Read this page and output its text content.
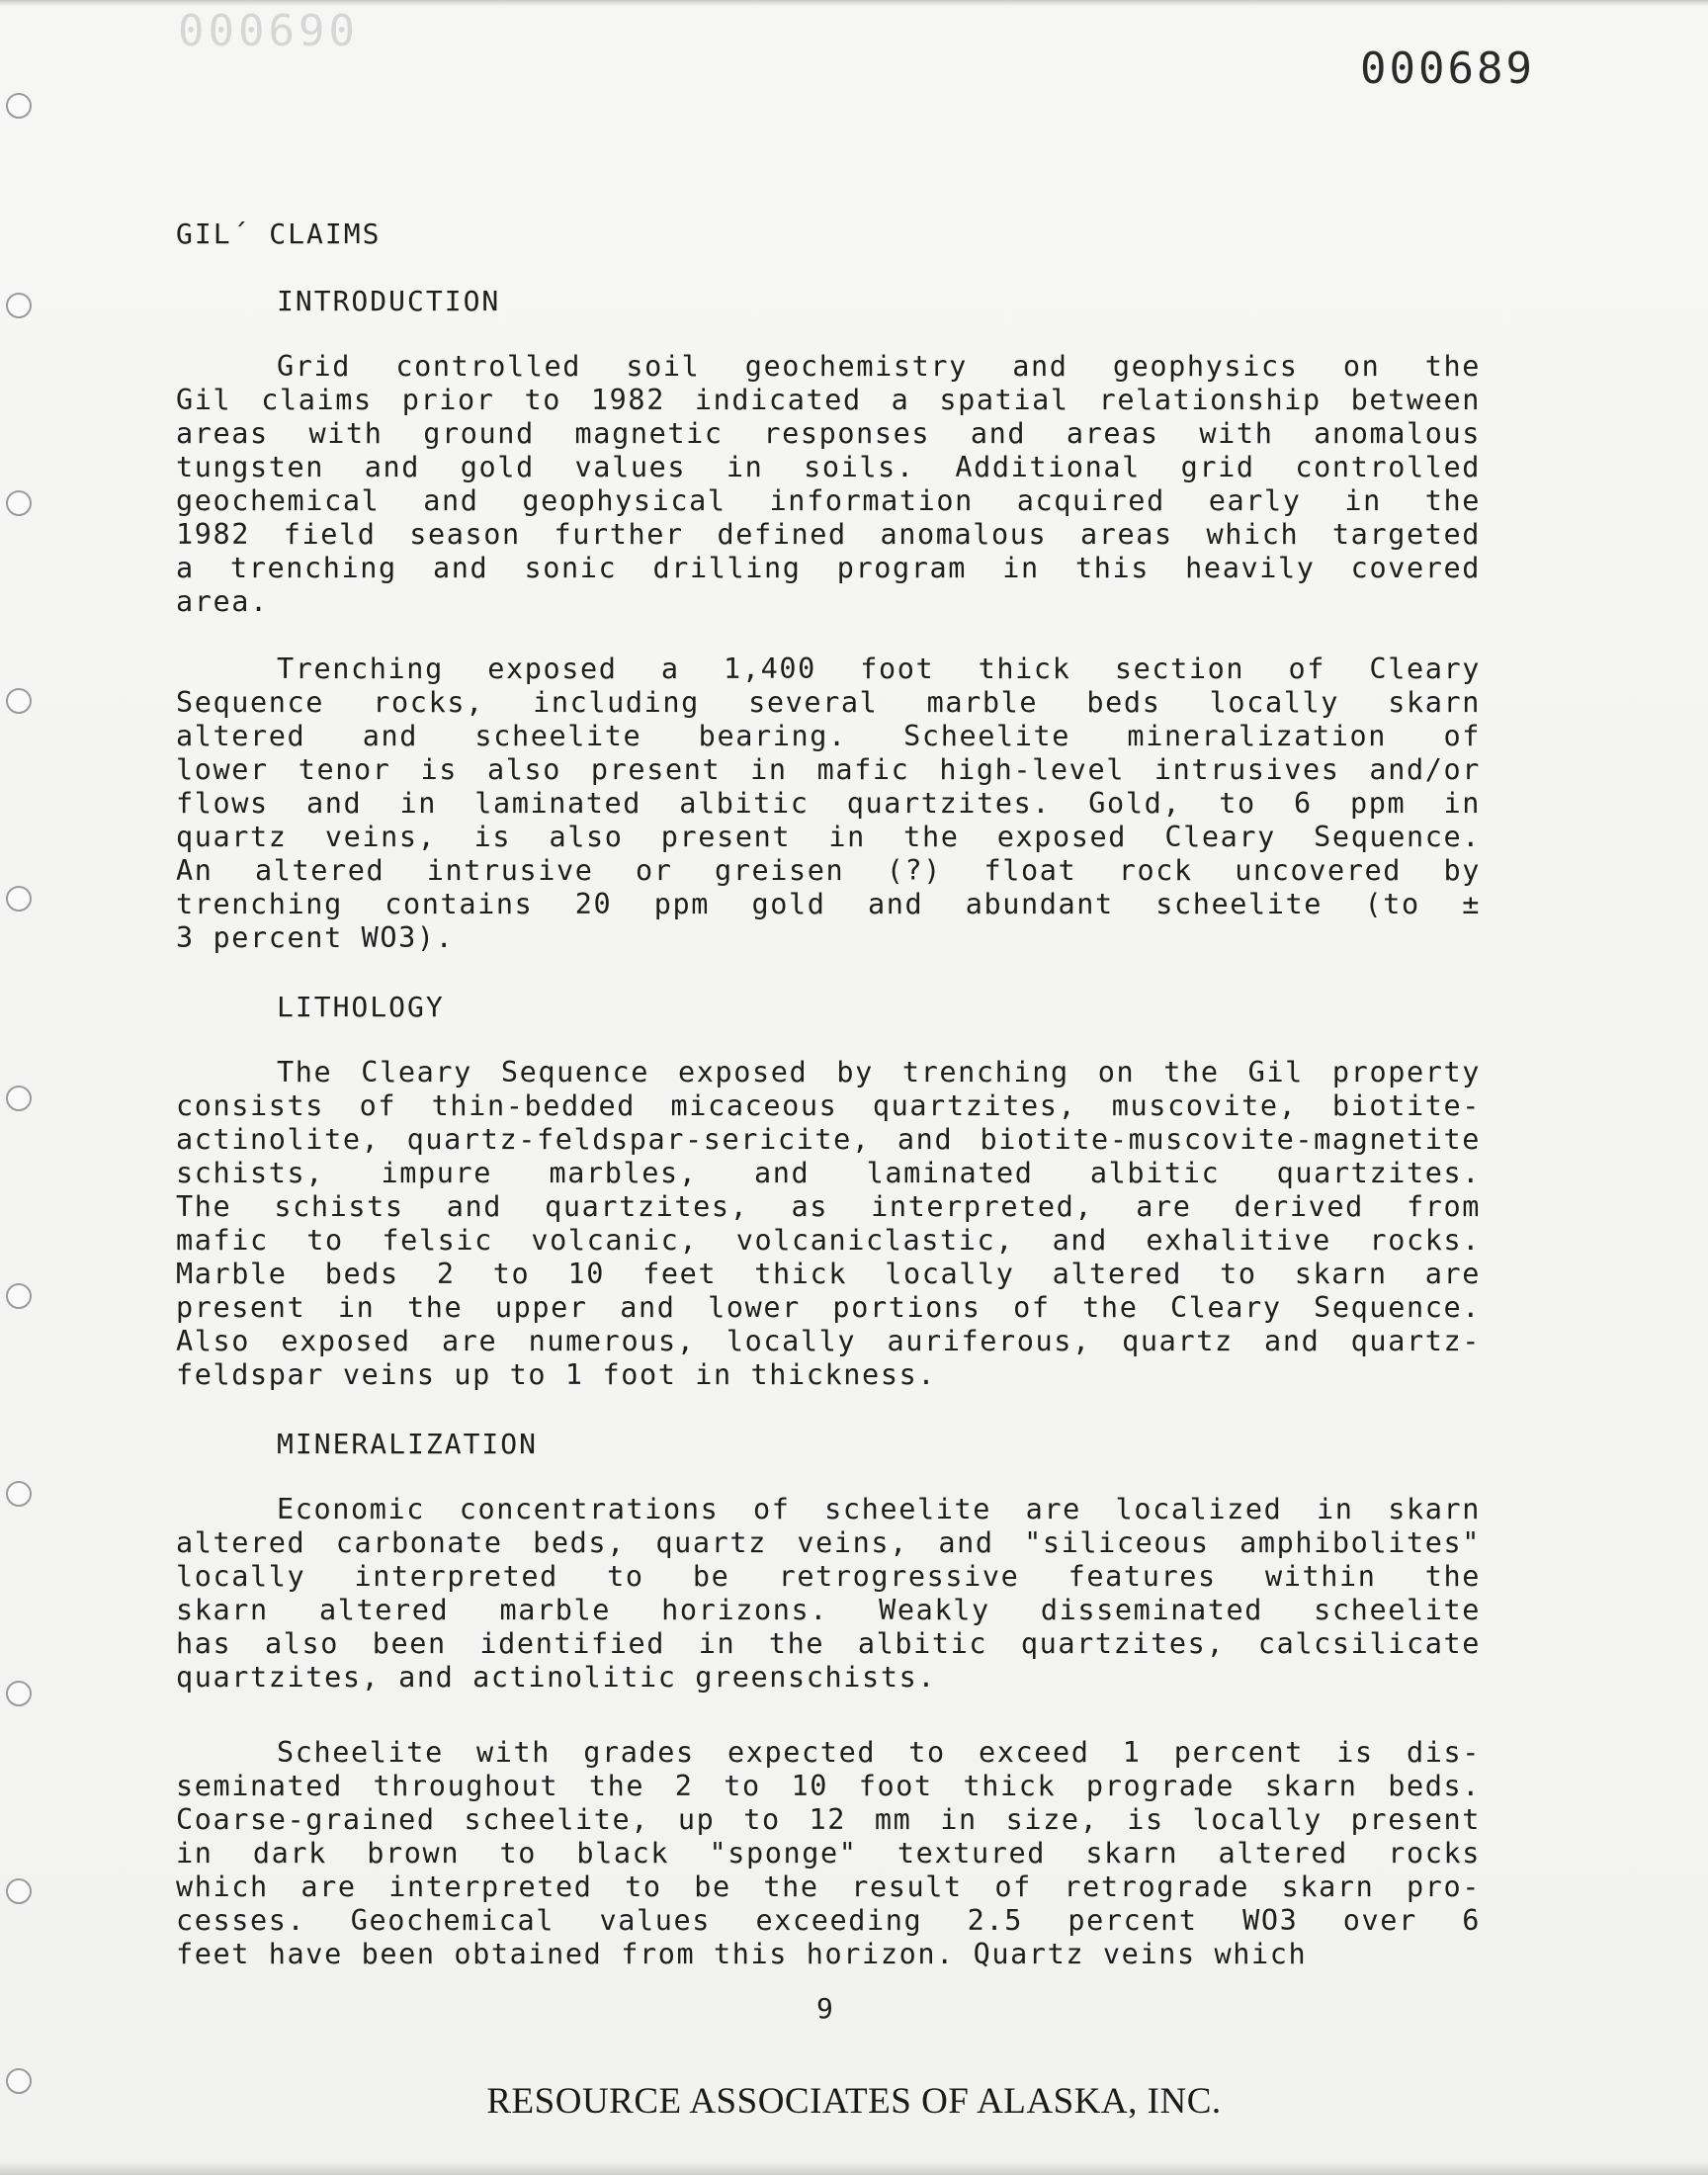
000690
000689
GIL´ CLAIMS
INTRODUCTION
Grid controlled soil geochemistry and geophysics on the
Gil claims prior to 1982 indicated a spatial relationship between
areas with ground magnetic responses and areas with anomalous
tungsten and gold values in soils. Additional grid controlled
geochemical and geophysical information acquired early in the
1982 field season further defined anomalous areas which targeted
a trenching and sonic drilling program in this heavily covered
area.
Trenching exposed a 1,400 foot thick section of Cleary
Sequence rocks, including several marble beds locally skarn
altered and scheelite bearing. Scheelite mineralization of
lower tenor is also present in mafic high-level intrusives and/or
flows and in laminated albitic quartzites. Gold, to 6 ppm in
quartz veins, is also present in the exposed Cleary Sequence.
An altered intrusive or greisen (?) float rock uncovered by
trenching contains 20 ppm gold and abundant scheelite (to ±
3 percent WO3).
LITHOLOGY
The Cleary Sequence exposed by trenching on the Gil property
consists of thin-bedded micaceous quartzites, muscovite, biotite-
actinolite, quartz-feldspar-sericite, and biotite-muscovite-magnetite
schists, impure marbles, and laminated albitic quartzites.
The schists and quartzites, as interpreted, are derived from
mafic to felsic volcanic, volcaniclastic, and exhalitive rocks.
Marble beds 2 to 10 feet thick locally altered to skarn are
present in the upper and lower portions of the Cleary Sequence.
Also exposed are numerous, locally auriferous, quartz and quartz-
feldspar veins up to 1 foot in thickness.
MINERALIZATION
Economic concentrations of scheelite are localized in skarn
altered carbonate beds, quartz veins, and "siliceous amphibolites"
locally interpreted to be retrogressive features within the
skarn altered marble horizons. Weakly disseminated scheelite
has also been identified in the albitic quartzites, calcsilicate
quartzites, and actinolitic greenschists.
Scheelite with grades expected to exceed 1 percent is dis-
seminated throughout the 2 to 10 foot thick prograde skarn beds.
Coarse-grained scheelite, up to 12 mm in size, is locally present
in dark brown to black "sponge" textured skarn altered rocks
which are interpreted to be the result of retrograde skarn pro-
cesses. Geochemical values exceeding 2.5 percent WO3 over 6
feet have been obtained from this horizon. Quartz veins which
9
RESOURCE ASSOCIATES OF ALASKA, INC.
